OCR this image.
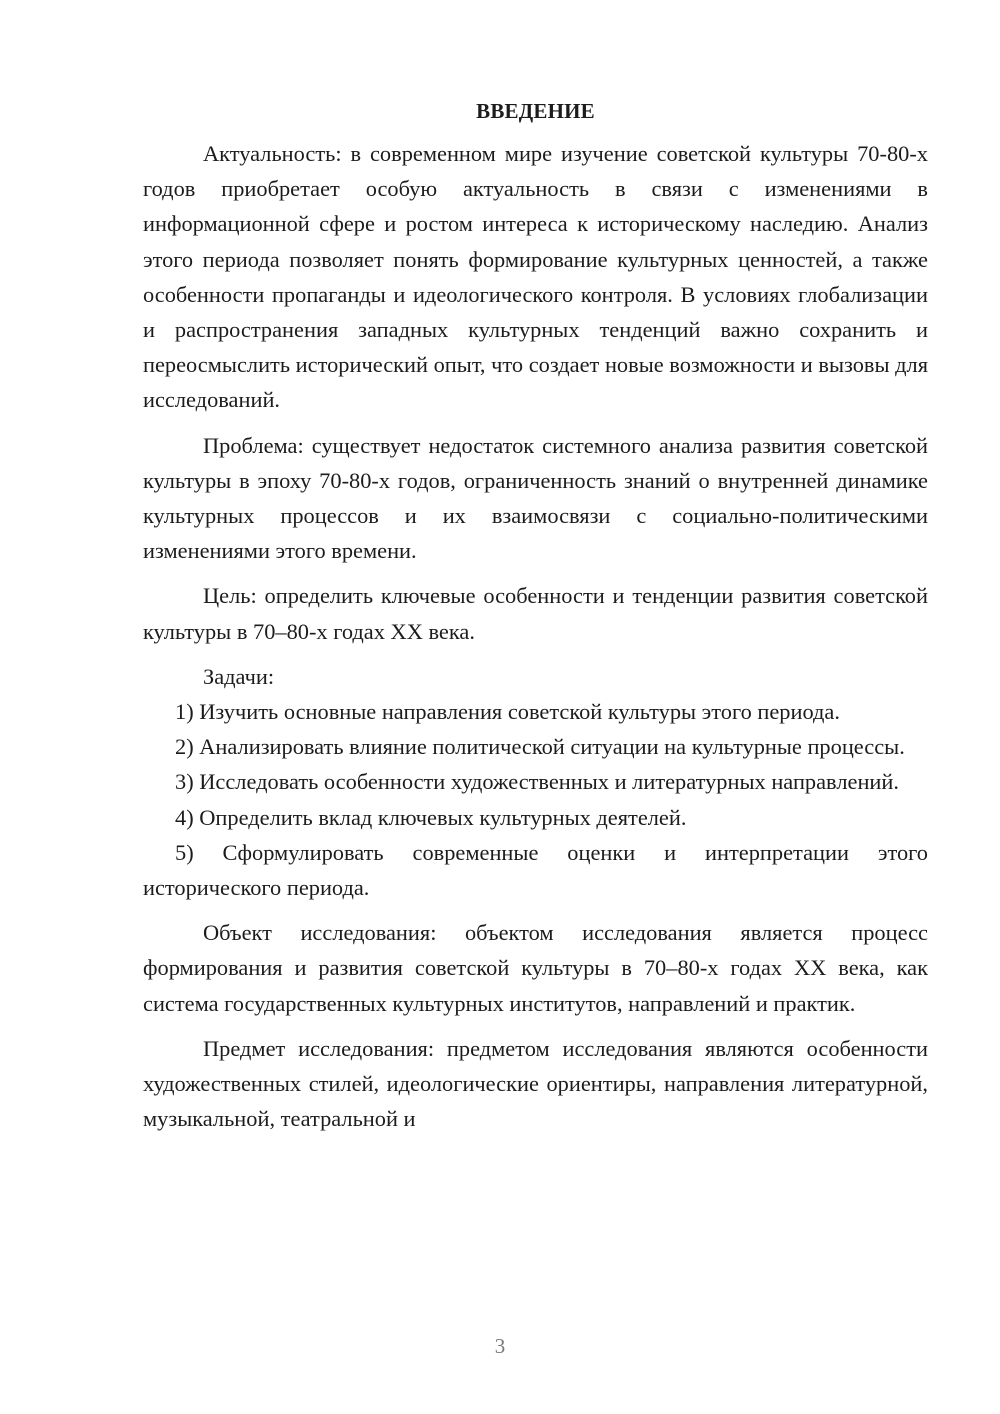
ВВЕДЕНИЕ

Актуальность: в современном мире изучение советской культуры 70-80-х годов приобретает особую актуальность в связи с изменениями в информационной сфере и ростом интереса к историческому наследию. Анализ этого периода позволяет понять формирование культурных ценностей, а также особенности пропаганды и идеологического контроля. В условиях глобализации и распространения западных культурных тенденций важно сохранить и переосмыслить исторический опыт, что создает новые возможности и вызовы для исследований.

Проблема: существует недостаток системного анализа развития советской культуры в эпоху 70-80-х годов, ограниченность знаний о внутренней динамике культурных процессов и их взаимосвязи с социально-политическими изменениями этого времени.

Цель: определить ключевые особенности и тенденции развития советской культуры в 70–80-х годах XX века.

Задачи:

1) Изучить основные направления советской культуры этого периода.

2) Анализировать влияние политической ситуации на культурные процессы.

3) Исследовать особенности художественных и литературных направлений.

4) Определить вклад ключевых культурных деятелей.

5) Сформулировать современные оценки и интерпретации этого исторического периода.

Объект исследования: объектом исследования является процесс формирования и развития советской культуры в 70–80-х годах XX века, как система государственных культурных институтов, направлений и практик.

Предмет исследования: предметом исследования являются особенности художественных стилей, идеологические ориентиры, направления литературной, музыкальной, театральной и

3
